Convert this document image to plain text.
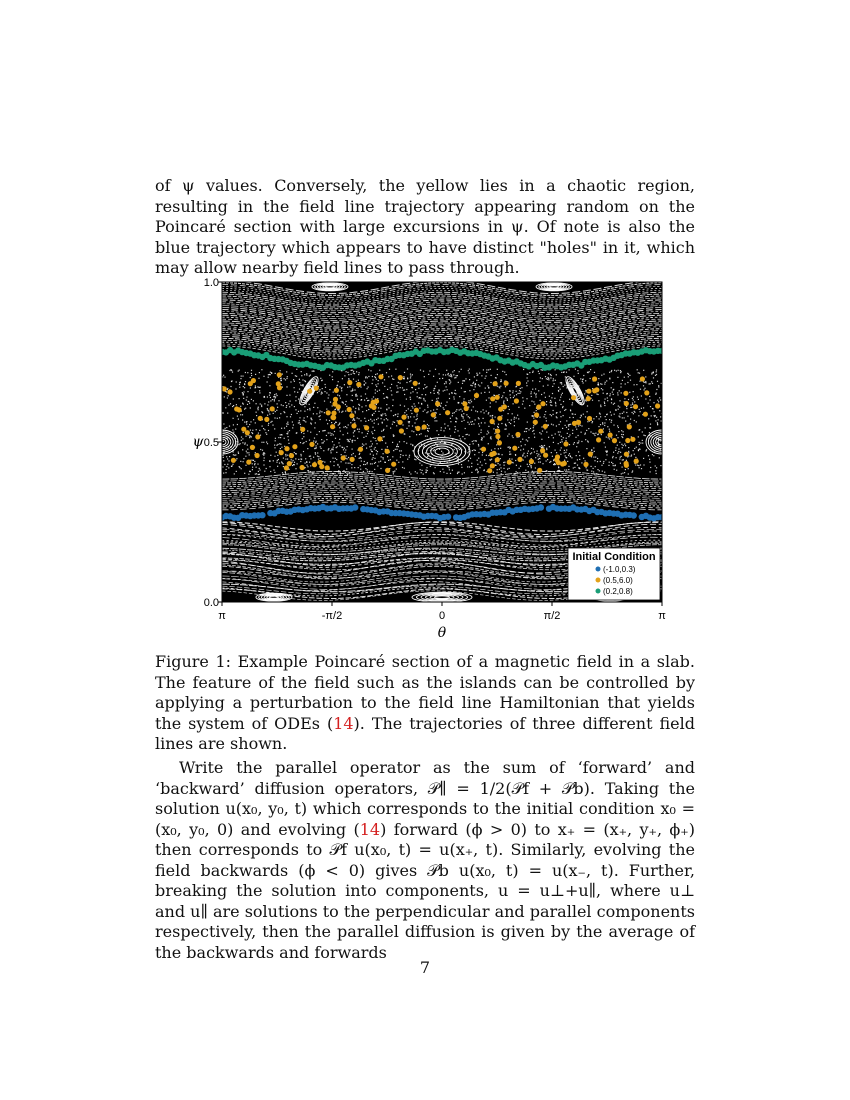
of ψ values. Conversely, the yellow lies in a chaotic region, resulting in the field line trajectory appearing random on the Poincaré section with large excursions in ψ. Of note is also the blue trajectory which appears to have distinct "holes" in it, which may allow nearby field lines to pass through.

π	-π/2	0	π/2	π
0.0
0.5
1.0
θ
ψ
Initial Condition
(-1.0,0.3)
(0.5,6.0)
(0.2,0.8)

Figure 1: Example Poincaré section of a magnetic field in a slab. The feature of the field such as the islands can be controlled by applying a perturbation to the field line Hamiltonian that yields the system of ODEs (14). The trajectories of three different field lines are shown.

Write the parallel operator as the sum of ‘forward’ and ‘backward’ diffusion operators, 𝒫∥ = 1/2(𝒫f + 𝒫b). Taking the solution u(x₀, y₀, t) which corresponds to the initial condition x₀ = (x₀, y₀, 0) and evolving (14) forward (ϕ > 0) to x₊ = (x₊, y₊, ϕ₊) then corresponds to 𝒫f u(x₀, t) = u(x₊, t). Similarly, evolving the field backwards (ϕ < 0) gives 𝒫b u(x₀, t) = u(x₋, t). Further, breaking the solution into components, u = u⊥+u∥, where u⊥ and u∥ are solutions to the perpendicular and parallel components respectively, then the parallel diffusion is given by the average of the backwards and forwards

7
